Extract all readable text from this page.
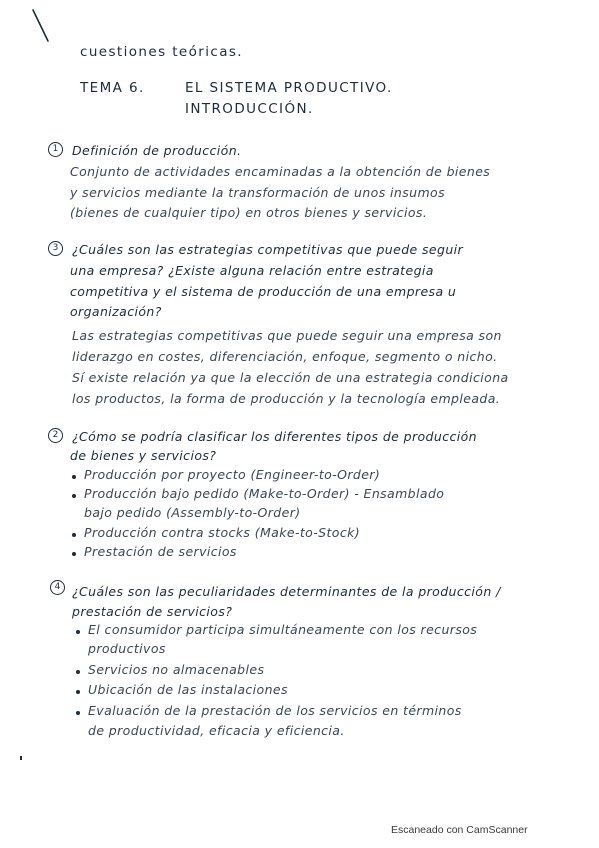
cuestiones teóricas.
TEMA 6.	EL SISTEMA PRODUCTIVO.
INTRODUCCIÓN.
1	Definición de producción.
Conjunto de actividades encaminadas a la obtención de bienes
y servicios mediante la transformación de unos insumos
(bienes de cualquier tipo) en otros bienes y servicios.
3	¿Cuáles son las estrategias competitivas que puede seguir
una empresa? ¿Existe alguna relación entre estrategia
competitiva y el sistema de producción de una empresa u
organización?
Las estrategias competitivas que puede seguir una empresa son
liderazgo en costes, diferenciación, enfoque, segmento o nicho.
Sí existe relación ya que la elección de una estrategia condiciona
los productos, la forma de producción y la tecnología empleada.
2	¿Cómo se podría clasificar los diferentes tipos de producción
de bienes y servicios?
Producción por proyecto (Engineer-to-Order)
Producción bajo pedido (Make-to-Order) - Ensamblado
bajo pedido (Assembly-to-Order)
Producción contra stocks (Make-to-Stock)
Prestación de servicios
4 ¿Cuáles son las peculiaridades determinantes de la producción /
prestación de servicios?
El consumidor participa simultáneamente con los recursos
productivos
Servicios no almacenables
Ubicación de las instalaciones
Evaluación de la prestación de los servicios en términos
de productividad, eficacia y eficiencia.
Escaneado con CamScanner
